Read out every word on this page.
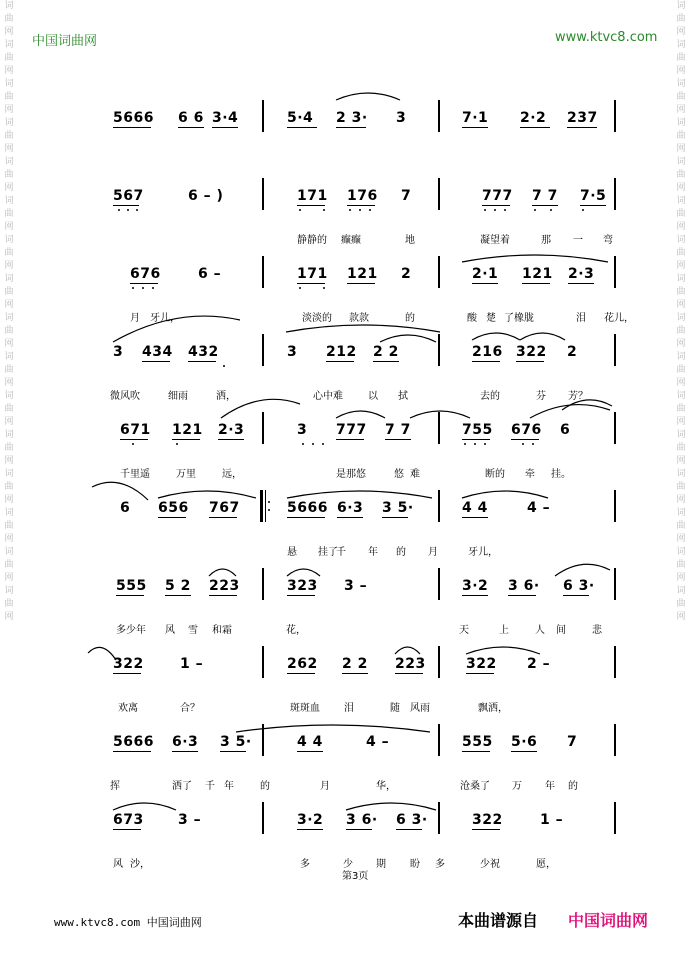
词
曲
网
词
曲
网
词
曲
网
词
曲
网
词
曲
网
词
曲
网
词
曲
网
词
曲
网
词
曲
网
词
曲
网
词
曲
网
词
曲
网
词
曲
网
词
曲
网
词
曲
网
词
曲
网
词
曲
网
词
曲
网
词
曲
网
词
曲
网
词
曲
网
词
曲
网
词
曲
网
词
曲
网
词
曲
网
词
曲
网
词
曲
网
词
曲
网
词
曲
网
词
曲
网
词
曲
网
词
曲
网
中国词曲网	www.ktvc8.com
5666 6 6 3·4	5·4 2 3· 3	7·1 2·2 237
567	6 – )	171 176 7	777 7 7 7·5
静静的 癫癫	地	凝望着	那 一 弯
676	6 –	171 121 2	2·1 121 2·3
月 牙儿，	淡淡的 款款	的	酸 楚 了橡胧	泪 花儿，
3 434 432	3 212 2 2	216 322 2
微风吹	细雨	洒，	心中难	以 拭	去的	芬 芳？
671 121 2·3	3 777 7 7	755 676 6
千里遥	万里	远，	是那悠	悠 难	断的 牵 挂。
6 656 767	5666 6·3 3 5·	4 4	4 –
悬 挂了
千 年 的 月	牙儿，
555 5 2 223	323 3 –	3·2 3 6· 6 3·
多少年 风 雪 和霜	花，	天	上	人 间	悲
322	1 –	262 2 2 223	322 2 –
欢离	合？	斑斑血 泪	随 风雨	飘洒，
5666 6·3 3 5·	4 4	4 –	555 5·6 7
挥	洒了 千 年	的	月	华，	沧桑了 万 年 的
673 3 –	3·2 3 6· 6 3·	322	1 –
风 沙，	多	少 期 盼 多	少祝	愿，
第3页
www.ktvc8.com 中国词曲网	本曲谱源自 中国词曲网
